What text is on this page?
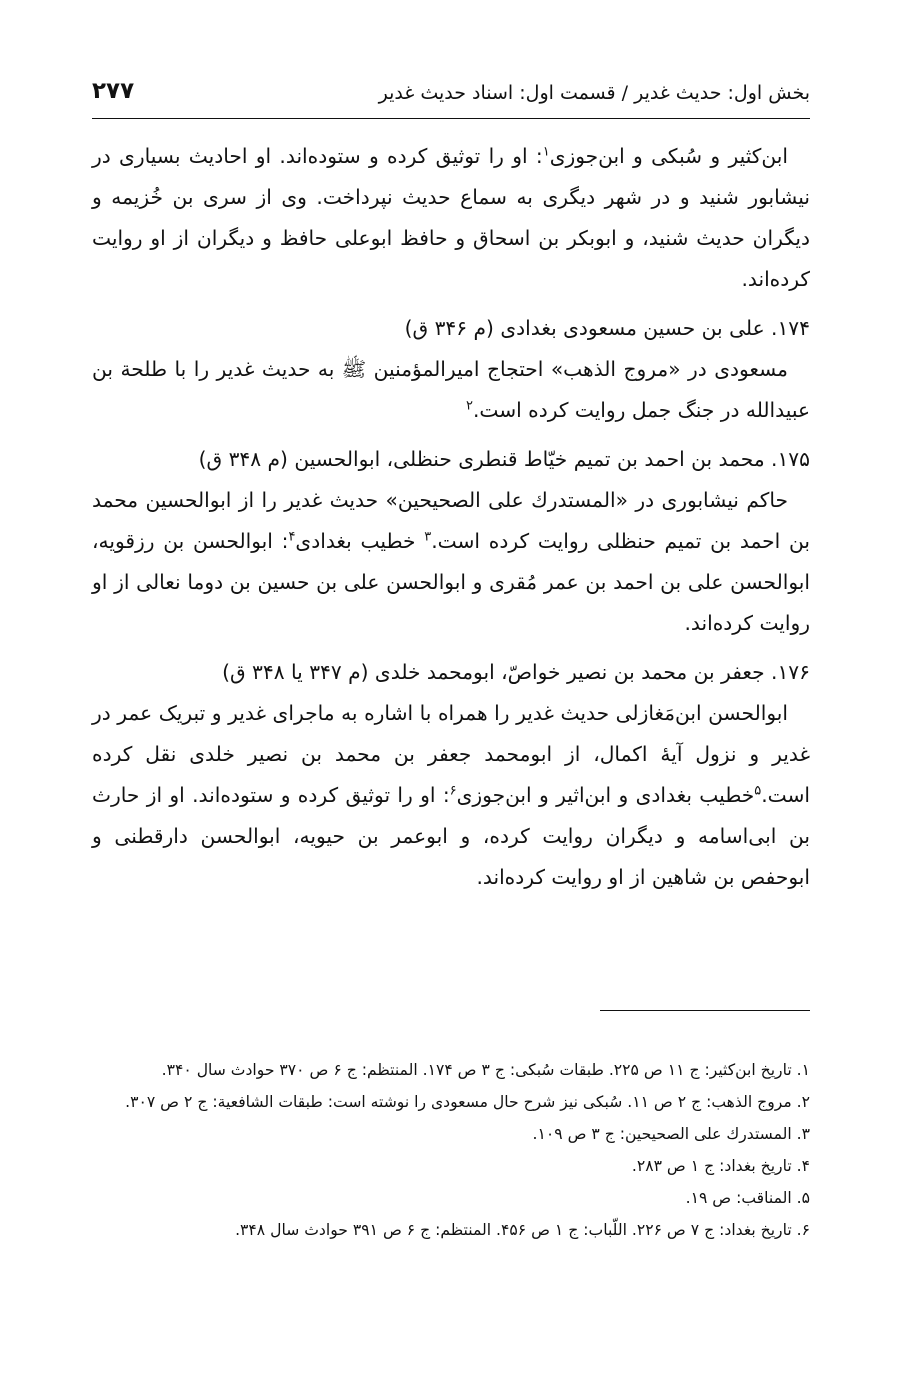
بخش اول: حدیث غدیر / قسمت اول: اسناد حدیث غدیر
۲۷۷

ابن‌کثیر و سُبکی و ابن‌جوزی$^۱$: او را توثیق کرده و ستوده‌اند. او احادیث بسیاری در نیشابور شنید و در شهر دیگری به سماع حدیث نپرداخت. وی از سری بن خُزیمه و دیگران حدیث شنید، و ابوبکر بن اسحاق و حافظ ابوعلی حافظ و دیگران از او روایت کرده‌اند.

۱۷۴. علی بن حسین مسعودی بغدادی (م ۳۴۶ ق)

مسعودی در «مروج الذهب» احتجاج امیرالمؤمنین ﷺ به حدیث غدیر را با طلحة بن عبیدالله در جنگ جمل روایت کرده است.$^۲$

۱۷۵. محمد بن احمد بن تمیم خیّاط قنطری حنظلی، ابوالحسین (م ۳۴۸ ق)

حاکم نیشابوری در «المستدرك علی الصحیحین» حدیث غدیر را از ابوالحسین محمد بن احمد بن تمیم حنظلی روایت کرده است.$^۳$ خطیب بغدادی$^۴$: ابوالحسن بن رزقویه، ابوالحسن علی بن احمد بن عمر مُقری و ابوالحسن علی بن حسین بن دوما نعالی از او روایت کرده‌اند.

۱۷۶. جعفر بن محمد بن نصیر خواصّ، ابومحمد خلدی (م ۳۴۷ یا ۳۴۸ ق)

ابوالحسن ابن‌مَغازلی حدیث غدیر را همراه با اشاره به ماجرای غدیر و تبریک عمر در غدیر و نزول آیهٔ اکمال، از ابومحمد جعفر بن محمد بن نصیر خلدی نقل کرده است.$^۵$خطیب بغدادی و ابن‌اثیر و ابن‌جوزی$^۶$: او را توثیق کرده و ستوده‌اند. او از حارث بن ابی‌اسامه و دیگران روایت کرده، و ابوعمر بن حیویه، ابوالحسن دارقطنی و ابوحفص بن شاهین از او روایت کرده‌اند.

۱. تاریخ ابن‌کثیر: ج ۱۱ ص ۲۲۵. طبقات سُبکی: ج ۳ ص ۱۷۴. المنتظم: ج ۶ ص ۳۷۰ حوادث سال ۳۴۰.

۲. مروج الذهب: ج ۲ ص ۱۱. سُبکی نیز شرح حال مسعودی را نوشته است: طبقات الشافعیة: ج ۲ ص ۳۰۷.

۳. المستدرك علی الصحیحین: ج ۳ ص ۱۰۹.

۴. تاریخ بغداد: ج ۱ ص ۲۸۳.

۵. المناقب: ص ۱۹.

۶. تاریخ بغداد: ج ۷ ص ۲۲۶. اللّباب: ج ۱ ص ۴۵۶. المنتظم: ج ۶ ص ۳۹۱ حوادث سال ۳۴۸.
